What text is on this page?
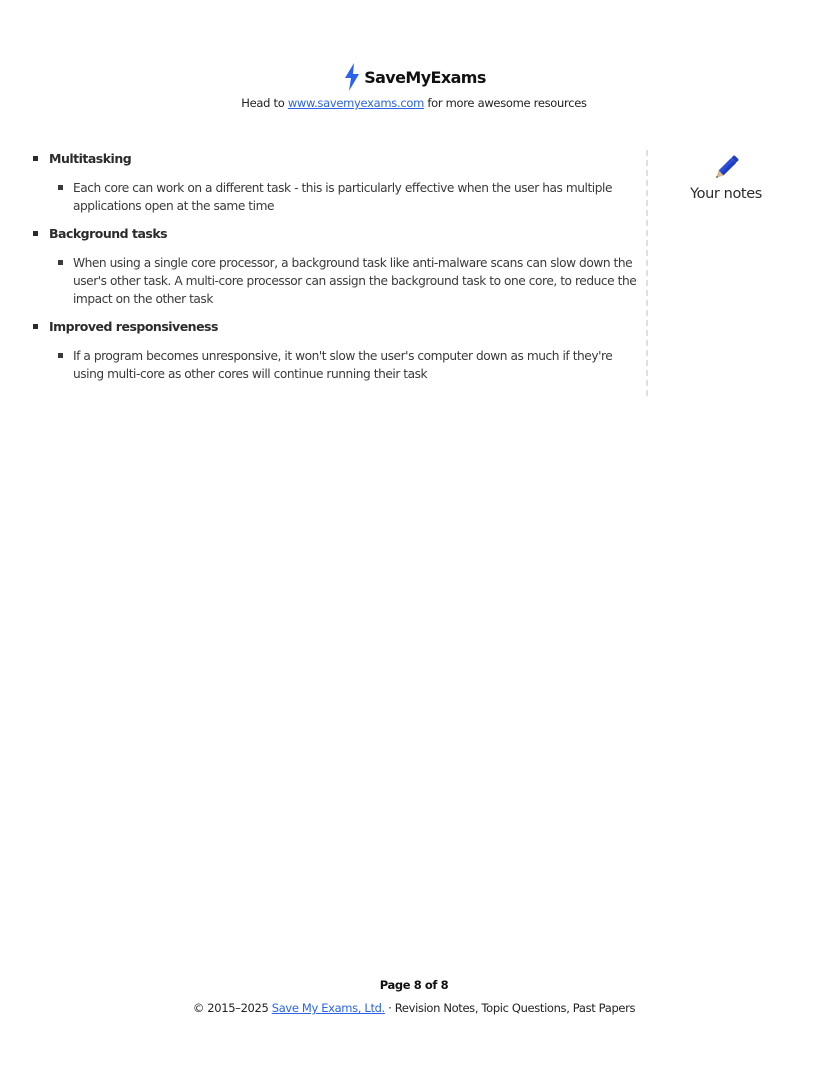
SaveMyExams
Head to www.savemyexams.com for more awesome resources
Multitasking
Each core can work on a different task - this is particularly effective when the user has multiple applications open at the same time
Background tasks
When using a single core processor, a background task like anti-malware scans can slow down the user's other task. A multi-core processor can assign the background task to one core, to reduce the impact on the other task
Improved responsiveness
If a program becomes unresponsive, it won't slow the user's computer down as much if they're using multi-core as other cores will continue running their task
Your notes
Page 8 of 8
© 2015–2025 Save My Exams, Ltd. · Revision Notes, Topic Questions, Past Papers
